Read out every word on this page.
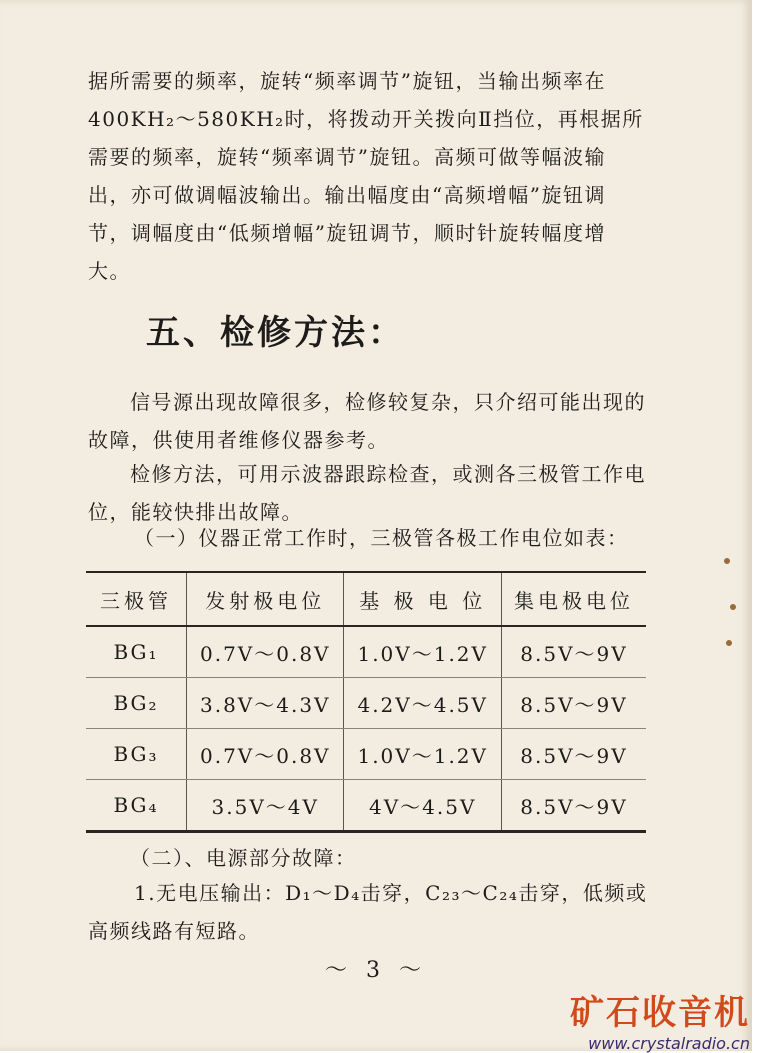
据所需要的频率，旋转“频率调节”旋钮，当输出频率在400KH₂～580KH₂时，将拨动开关拨向Ⅱ挡位，再根据所需要的频率，旋转“频率调节”旋钮。高频可做等幅波输出，亦可做调幅波输出。输出幅度由“高频增幅”旋钮调节，调幅度由“低频增幅”旋钮调节，顺时针旋转幅度增大。

五、检修方法：

信号源出现故障很多，检修较复杂，只介绍可能出现的故障，供使用者维修仪器参考。

检修方法，可用示波器跟踪检查，或测各三极管工作电位，能较快排出故障。

（一）仪器正常工作时，三极管各极工作电位如表：

三极管	发射极电位	基 极 电 位	集电极电位
BG₁	0.7V～0.8V	1.0V～1.2V	8.5V～9V
BG₂	3.8V～4.3V	4.2V～4.5V	8.5V～9V
BG₃	0.7V～0.8V	1.0V～1.2V	8.5V～9V
BG₄	3.5V～4V	4V～4.5V	8.5V～9V

（二）、电源部分故障：

1.无电压输出：D₁～D₄击穿，C₂₃～C₂₄击穿，低频或高频线路有短路。

～ 3 ～
矿石收音机
www.crystalradio.cn
